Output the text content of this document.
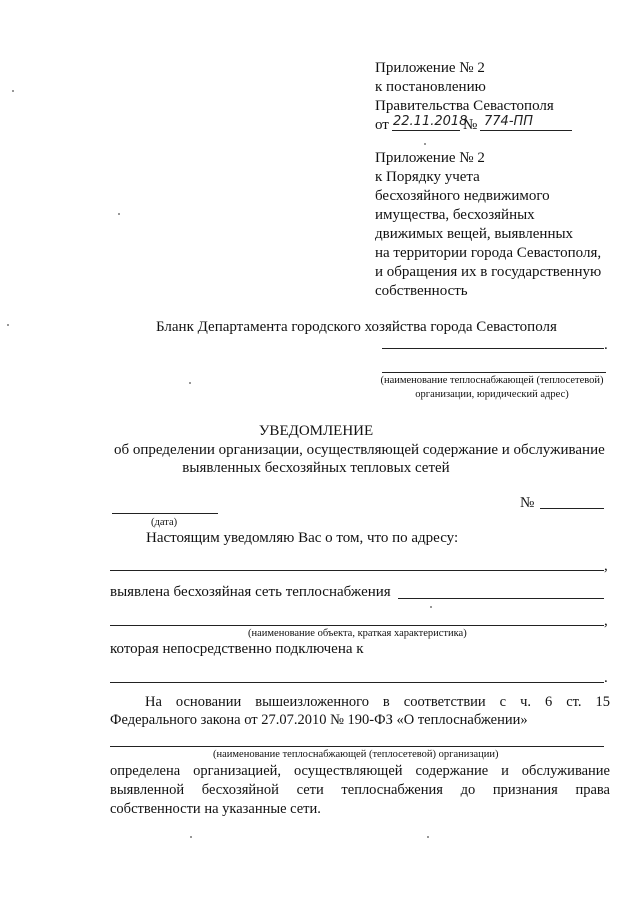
Приложение № 2
к постановлению
Правительства Севастополя
от 22.11.2018
№ 774-ПП
Приложение № 2
к Порядку учета
бесхозяйного недвижимого
имущества, бесхозяйных
движимых вещей, выявленных
на территории города Севастополя,
и обращения их в государственную
собственность
Бланк Департамента городского хозяйства города Севастополя
.
(наименование теплоснабжающей (теплосетевой)
организации, юридический адрес)
УВЕДОМЛЕНИЕ
об определении организации, осуществляющей содержание и обслуживание
выявленных бесхозяйных тепловых сетей
№
(дата)
Настоящим уведомляю Вас о том, что по адресу:
,
выявлена бесхозяйная сеть теплоснабжения
,
(наименование объекта, краткая характеристика)
которая непосредственно подключена к
.
На основании вышеизложенного в соответствии с ч. 6 ст. 15
Федерального закона от 27.07.2010 № 190-ФЗ «О теплоснабжении»
(наименование теплоснабжающей (теплосетевой) организации)
определена организацией, осуществляющей содержание и обслуживание
выявленной бесхозяйной сети теплоснабжения до признания права
собственности на указанные сети.
